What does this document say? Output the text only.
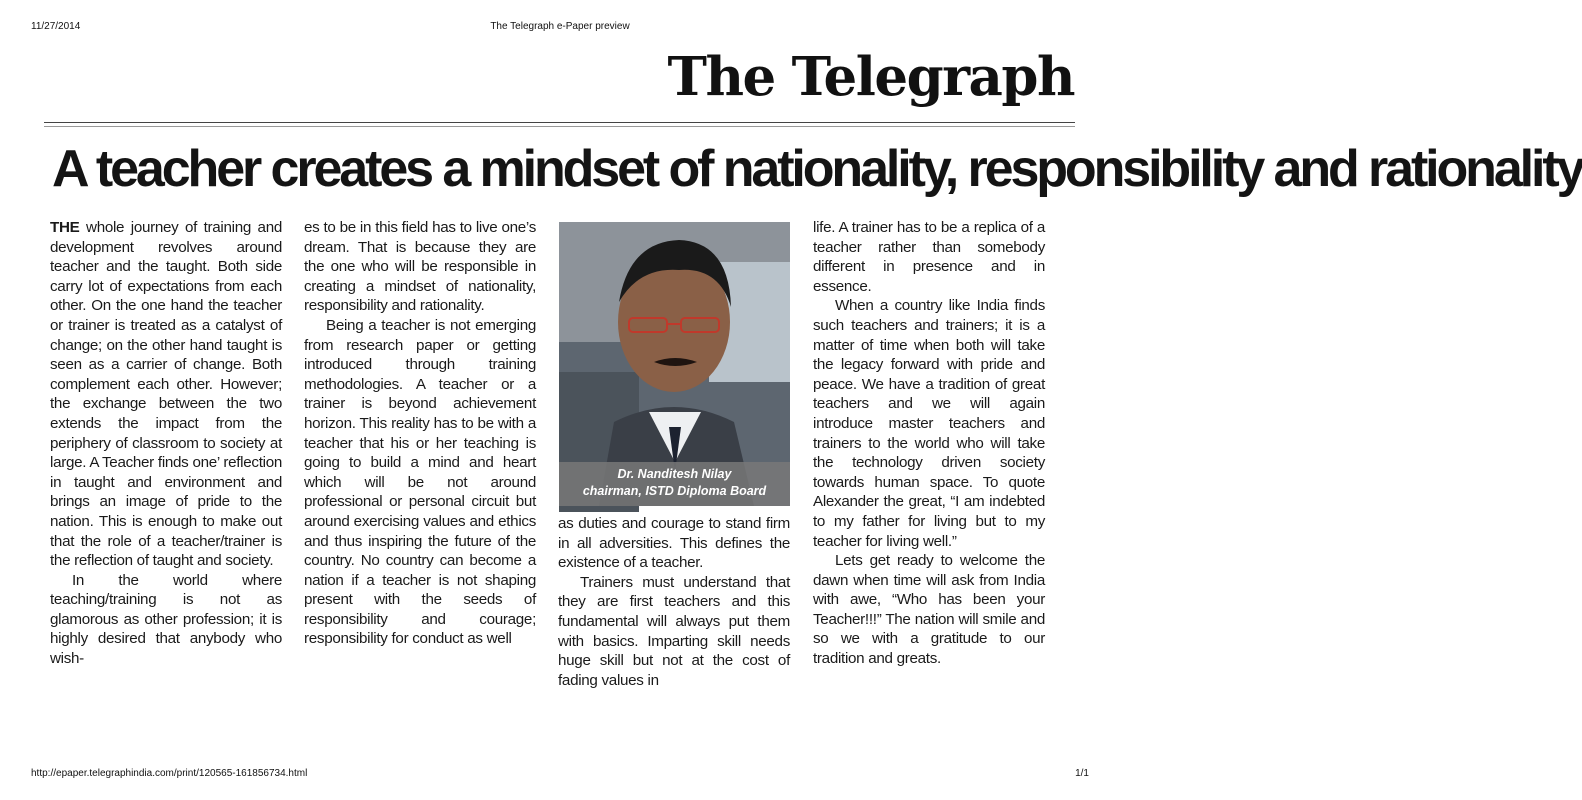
11/27/2014	The Telegraph e-Paper preview
The Telegraph
A teacher creates a mindset of nationality, responsibility and rationality

THE whole journey of training and development revolves around teacher and the taught. Both side carry lot of expectations from each other. On the one hand the teacher or trainer is treated as a catalyst of change; on the other hand taught is seen as a carrier of change. Both complement each other. However; the exchange between the two extends the impact from the periphery of classroom to society at large. A Teacher finds one’ reflection in taught and environment and brings an image of pride to the nation. This is enough to make out that the role of a teacher/trainer is the reflection of taught and society.

In the world where teaching/training is not as glamorous as other profession; it is highly desired that anybody who wish-

es to be in this field has to live one’s dream. That is because they are the one who will be responsible in creating a mindset of nationality, responsibility and rationality.

Being a teacher is not emerging from research paper or getting introduced through training methodologies. A teacher or a trainer is beyond achievement horizon. This reality has to be with a teacher that his or her teaching is going to build a mind and heart which will be not around professional or personal circuit but around exercising values and ethics and thus inspiring the future of the country. No country can become a nation if a teacher is not shaping present with the seeds of responsibility and courage; responsibility for conduct as well

Dr. Nanditesh Nilay
chairman, ISTD Diploma Board

as duties and courage to stand firm in all adversities. This defines the existence of a teacher.

Trainers must understand that they are first teachers and this fundamental will always put them with basics. Imparting skill needs huge skill but not at the cost of fading values in

life. A trainer has to be a replica of a teacher rather than somebody different in presence and in essence.

When a country like India finds such teachers and trainers; it is a matter of time when both will take the legacy forward with pride and peace. We have a tradition of great teachers and we will again introduce master teachers and trainers to the world who will take the technology driven society towards human space. To quote Alexander the great, “I am indebted to my father for living but to my teacher for living well.”

Lets get ready to welcome the dawn when time will ask from India with awe, “Who has been your Teacher!!!” The nation will smile and so we with a gratitude to our tradition and greats.

http://epaper.telegraphindia.com/print/120565-161856734.html	1/1
